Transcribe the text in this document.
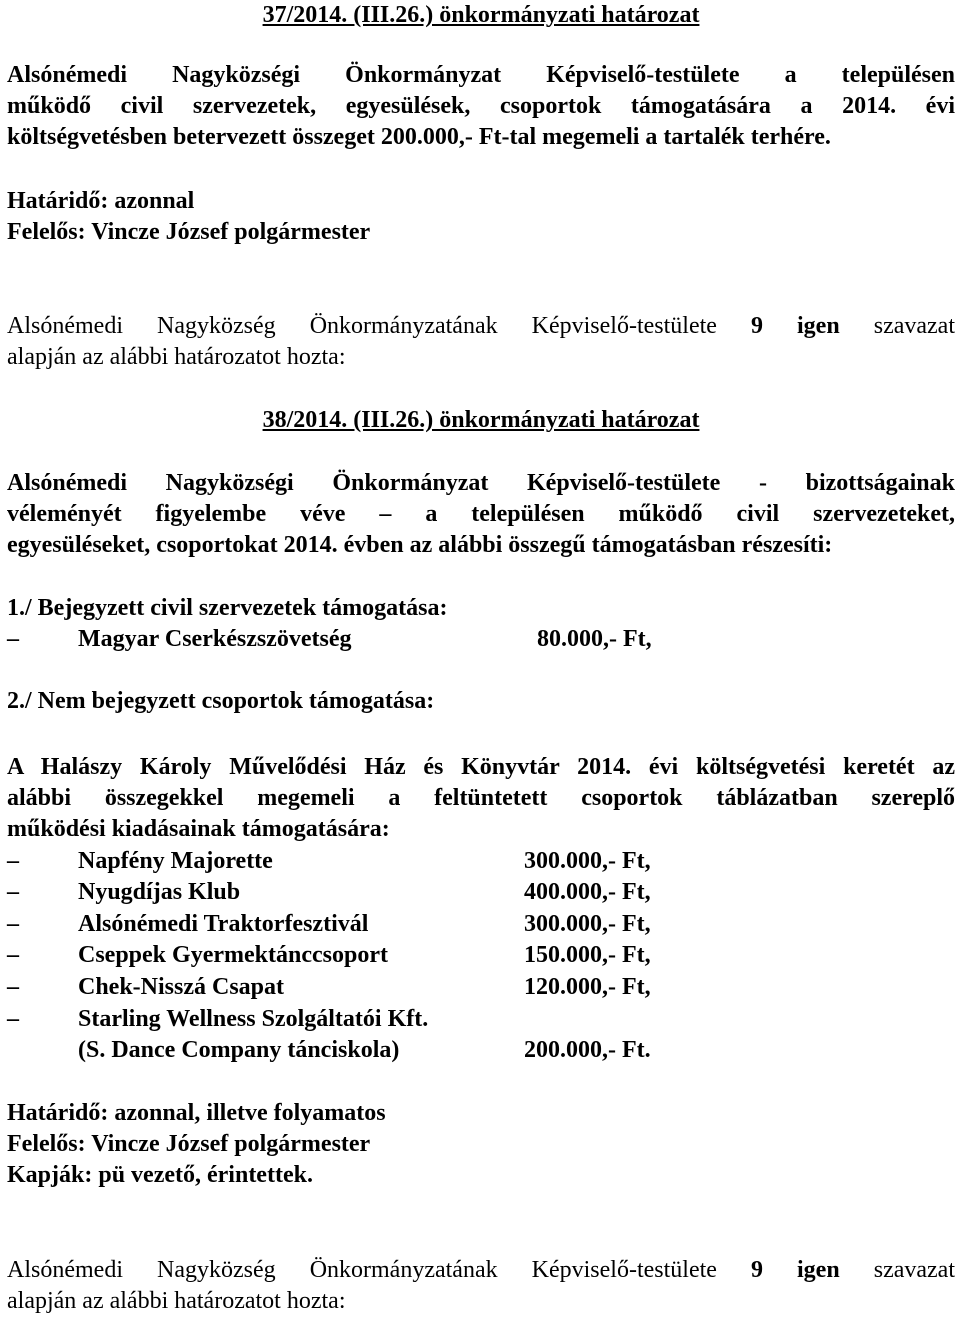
37/2014. (III.26.) önkormányzati határozat
Alsónémedi Nagyközségi Önkormányzat Képviselő-testülete a településen
működő civil szervezetek, egyesülések, csoportok támogatására a 2014. évi
költségvetésben betervezett összeget 200.000,- Ft-tal megemeli a tartalék terhére.
Határidő: azonnal
Felelős: Vincze József polgármester
Alsónémedi Nagyközség Önkormányzatának Képviselő-testülete 9 igen szavazat
alapján az alábbi határozatot hozta:
38/2014. (III.26.) önkormányzati határozat
Alsónémedi Nagyközségi Önkormányzat Képviselő-testülete - bizottságainak
véleményét figyelembe véve – a településen működő civil szervezeteket,
egyesüléseket, csoportokat 2014. évben az alábbi összegű támogatásban részesíti:
1./ Bejegyzett civil szervezetek támogatása:
– Magyar Cserkészszövetség	80.000,- Ft,
2./ Nem bejegyzett csoportok támogatása:
A Halászy Károly Művelődési Ház és Könyvtár 2014. évi költségvetési keretét az
alábbi összegekkel megemeli a feltüntetett csoportok táblázatban szereplő
működési kiadásainak támogatására:
– Napfény Majorette	300.000,- Ft,
– Nyugdíjas Klub	400.000,- Ft,
– Alsónémedi Traktorfesztivál	300.000,- Ft,
– Cseppek Gyermektánccsoport	150.000,- Ft,
– Chek-Nisszá Csapat	120.000,- Ft,
– Starling Wellness Szolgáltatói Kft.
(S. Dance Company tánciskola)	200.000,- Ft.
Határidő: azonnal, illetve folyamatos
Felelős: Vincze József polgármester
Kapják: pü vezető, érintettek.
Alsónémedi Nagyközség Önkormányzatának Képviselő-testülete 9 igen szavazat
alapján az alábbi határozatot hozta:
